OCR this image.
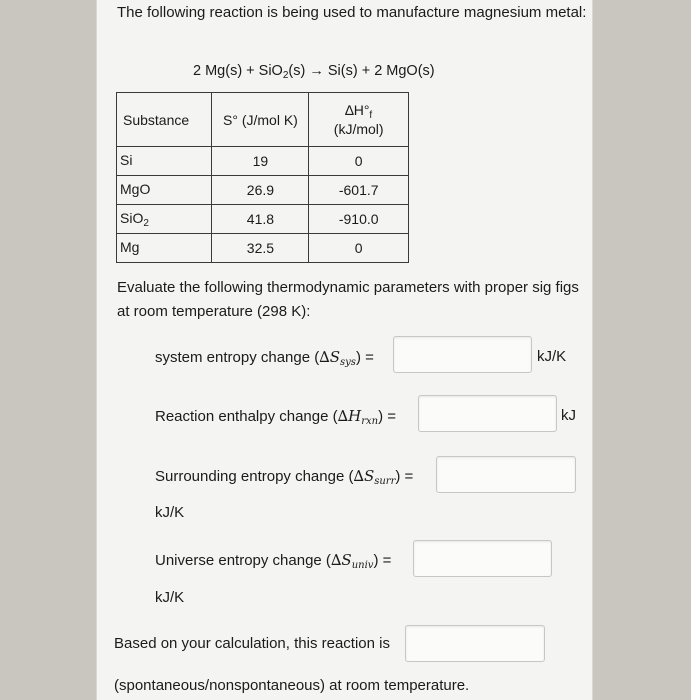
The following reaction is being used to manufacture magnesium metal:
2 Mg(s) + SiO$_2$(s) → Si(s) + 2 MgO(s)
Substance	S° (J/mol K)	$\Delta H^\circ_f$
(kJ/mol)
Si	19	0
MgO	26.9	-601.7
SiO$_2$	41.8	-910.0
Mg	32.5	0
Evaluate the following thermodynamic parameters with proper sig figs at room temperature (298 K):
system entropy change $(\Delta S_{sys})$ =	kJ/K
Reaction enthalpy change $(\Delta H_{rxn})$ =	kJ
Surrounding entropy change $(\Delta S_{surr})$ =
kJ/K
Universe entropy change $(\Delta S_{univ})$ =
kJ/K
Based on your calculation, this reaction is
(spontaneous/nonspontaneous) at room temperature.
